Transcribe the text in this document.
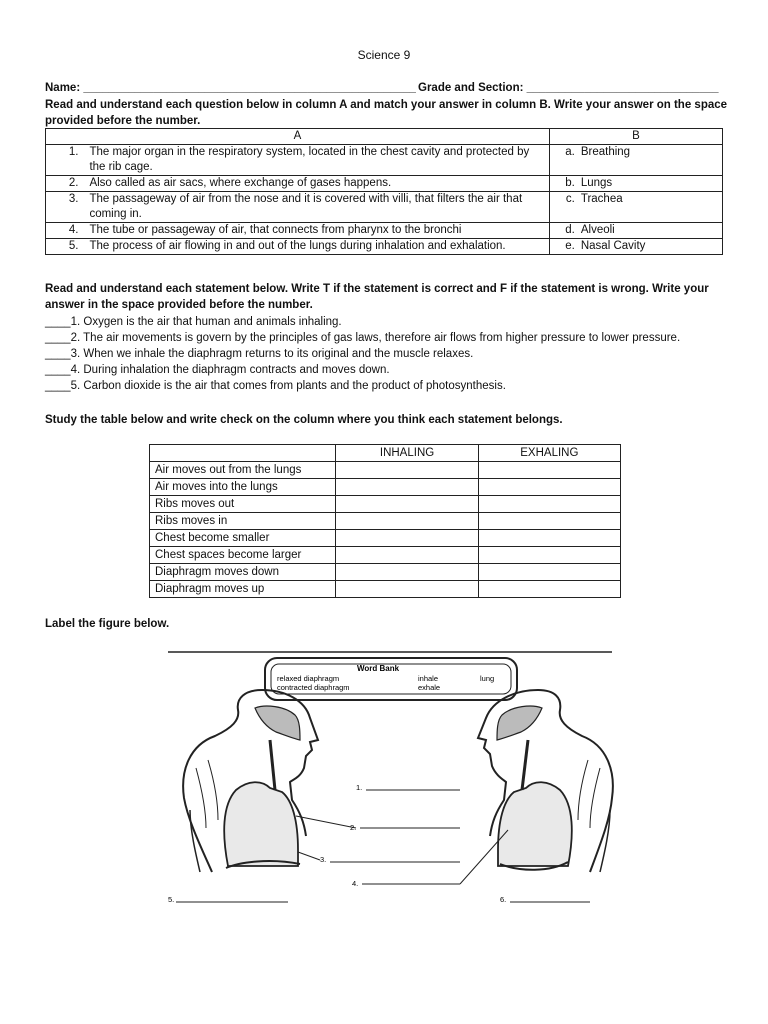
Science 9
Name: ____________________________________________________ Grade and Section: ______________________________
Read and understand each question below in column A and match your answer in column B. Write your answer on the space provided before the number.
A		B
1.	The major organ in the respiratory system, located in the chest cavity and protected by the rib cage.	a. Breathing
2.	Also called as air sacs, where exchange of gases happens.	b. Lungs
3.	The passageway of air from the nose and it is covered with villi, that filters the air that coming in.	c. Trachea
4.	The tube or passageway of air, that connects from pharynx to the bronchi	d. Alveoli
5.	The process of air flowing in and out of the lungs during inhalation and exhalation.	e. Nasal Cavity
Read and understand each statement below. Write T if the statement is correct and F if the statement is wrong. Write your answer in the space provided before the number.
____1. Oxygen is the air that human and animals inhaling.
____2. The air movements is govern by the principles of gas laws, therefore air flows from higher pressure to lower pressure.
____3. When we inhale the diaphragm returns to its original and the muscle relaxes.
____4. During inhalation the diaphragm contracts and moves down.
____5. Carbon dioxide is the air that comes from plants and the product of photosynthesis.
Study the table below and write check on the column where you think each statement belongs.
	INHALING	EXHALING
Air moves out from the lungs		
Air moves into the lungs		
Ribs moves out		
Ribs moves in		
Chest become smaller		
Chest spaces become larger		
Diaphragm moves down		
Diaphragm moves up		
Label the figure below.
Word Bank
relaxed diaphragm	inhale	lung
contracted diaphragm	exhale
1.
2.
3.
4.
5.	6.
